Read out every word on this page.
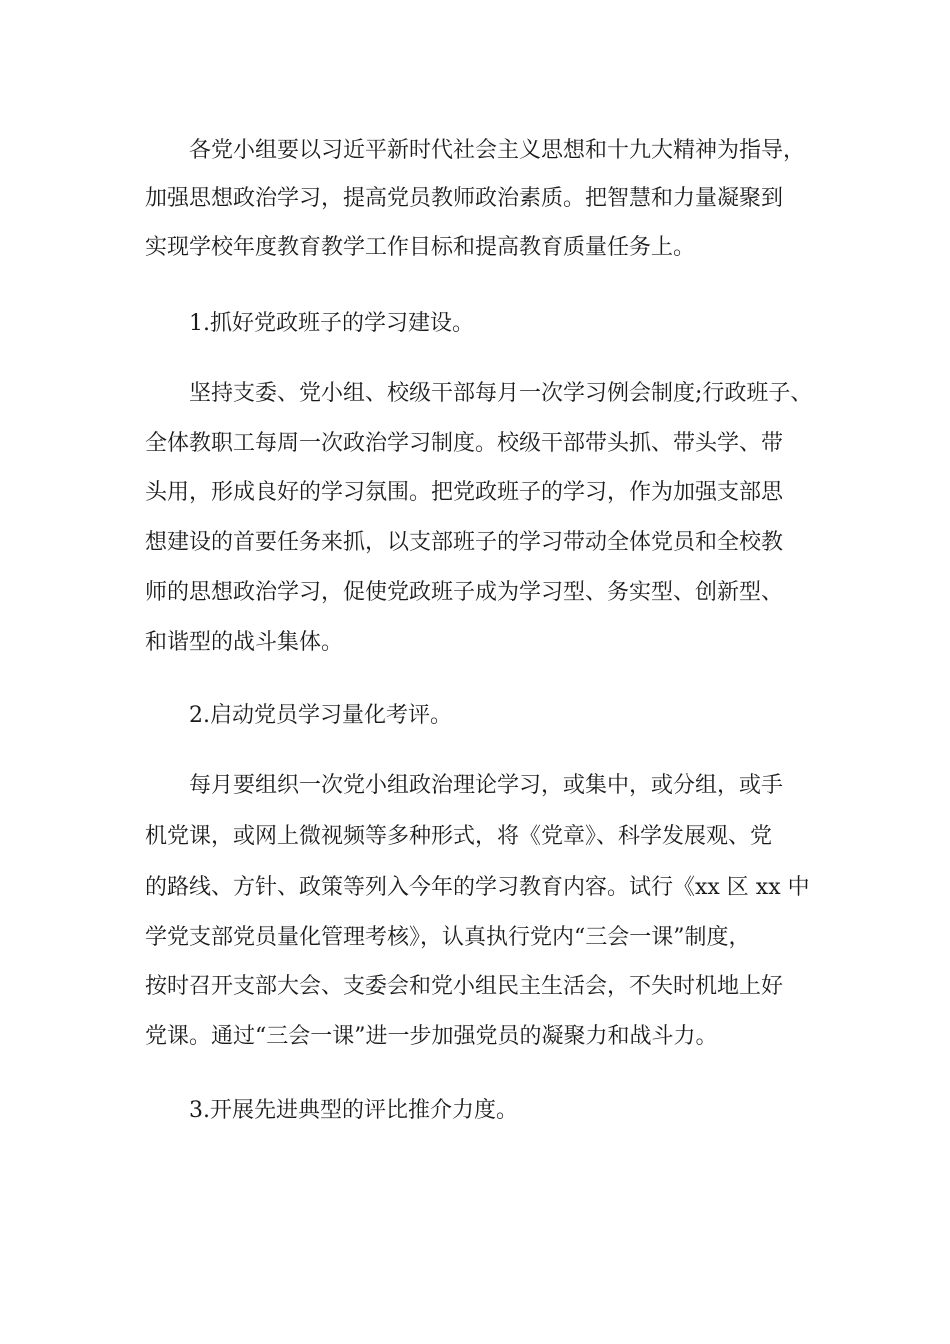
各党小组要以习近平新时代社会主义思想和十九大精神为指导，
加强思想政治学习，提高党员教师政治素质。把智慧和力量凝聚到
实现学校年度教育教学工作目标和提高教育质量任务上。
1.抓好党政班子的学习建设。
坚持支委、党小组、校级干部每月一次学习例会制度;行政班子、
全体教职工每周一次政治学习制度。校级干部带头抓、带头学、带
头用，形成良好的学习氛围。把党政班子的学习，作为加强支部思
想建设的首要任务来抓，以支部班子的学习带动全体党员和全校教
师的思想政治学习，促使党政班子成为学习型、务实型、创新型、
和谐型的战斗集体。
2.启动党员学习量化考评。
每月要组织一次党小组政治理论学习，或集中，或分组，或手
机党课，或网上微视频等多种形式，将《党章》、科学发展观、党
的路线、方针、政策等列入今年的学习教育内容。试行《xx 区 xx 中
学党支部党员量化管理考核》，认真执行党内“三会一课”制度，
按时召开支部大会、支委会和党小组民主生活会，不失时机地上好
党课。通过“三会一课”进一步加强党员的凝聚力和战斗力。
3.开展先进典型的评比推介力度。
